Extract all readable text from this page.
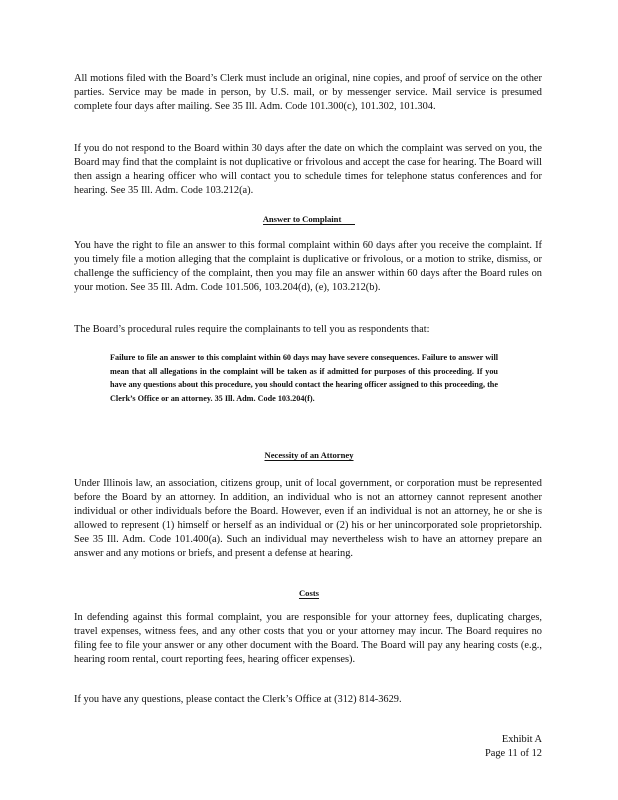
All motions filed with the Board’s Clerk must include an original, nine copies, and proof of service on the other parties. Service may be made in person, by U.S. mail, or by messenger service. Mail service is presumed complete four days after mailing. See 35 Ill. Adm. Code 101.300(c), 101.302, 101.304.

If you do not respond to the Board within 30 days after the date on which the complaint was served on you, the Board may find that the complaint is not duplicative or frivolous and accept the case for hearing. The Board will then assign a hearing officer who will contact you to schedule times for telephone status conferences and for hearing. See 35 Ill. Adm. Code 103.212(a).

Answer to Complaint

You have the right to file an answer to this formal complaint within 60 days after you receive the complaint. If you timely file a motion alleging that the complaint is duplicative or frivolous, or a motion to strike, dismiss, or challenge the sufficiency of the complaint, then you may file an answer within 60 days after the Board rules on your motion. See 35 Ill. Adm. Code 101.506, 103.204(d), (e), 103.212(b).

The Board’s procedural rules require the complainants to tell you as respondents that:

Failure to file an answer to this complaint within 60 days may have severe consequences. Failure to answer will mean that all allegations in the complaint will be taken as if admitted for purposes of this proceeding. If you have any questions about this procedure, you should contact the hearing officer assigned to this proceeding, the Clerk’s Office or an attorney. 35 Ill. Adm. Code 103.204(f).

Necessity of an Attorney

Under Illinois law, an association, citizens group, unit of local government, or corporation must be represented before the Board by an attorney. In addition, an individual who is not an attorney cannot represent another individual or other individuals before the Board. However, even if an individual is not an attorney, he or she is allowed to represent (1) himself or herself as an individual or (2) his or her unincorporated sole proprietorship. See 35 Ill. Adm. Code 101.400(a). Such an individual may nevertheless wish to have an attorney prepare an answer and any motions or briefs, and present a defense at hearing.

Costs

In defending against this formal complaint, you are responsible for your attorney fees, duplicating charges, travel expenses, witness fees, and any other costs that you or your attorney may incur. The Board requires no filing fee to file your answer or any other document with the Board. The Board will pay any hearing costs (e.g., hearing room rental, court reporting fees, hearing officer expenses).

If you have any questions, please contact the Clerk’s Office at (312) 814-3629.

Exhibit A
Page 11 of 12
